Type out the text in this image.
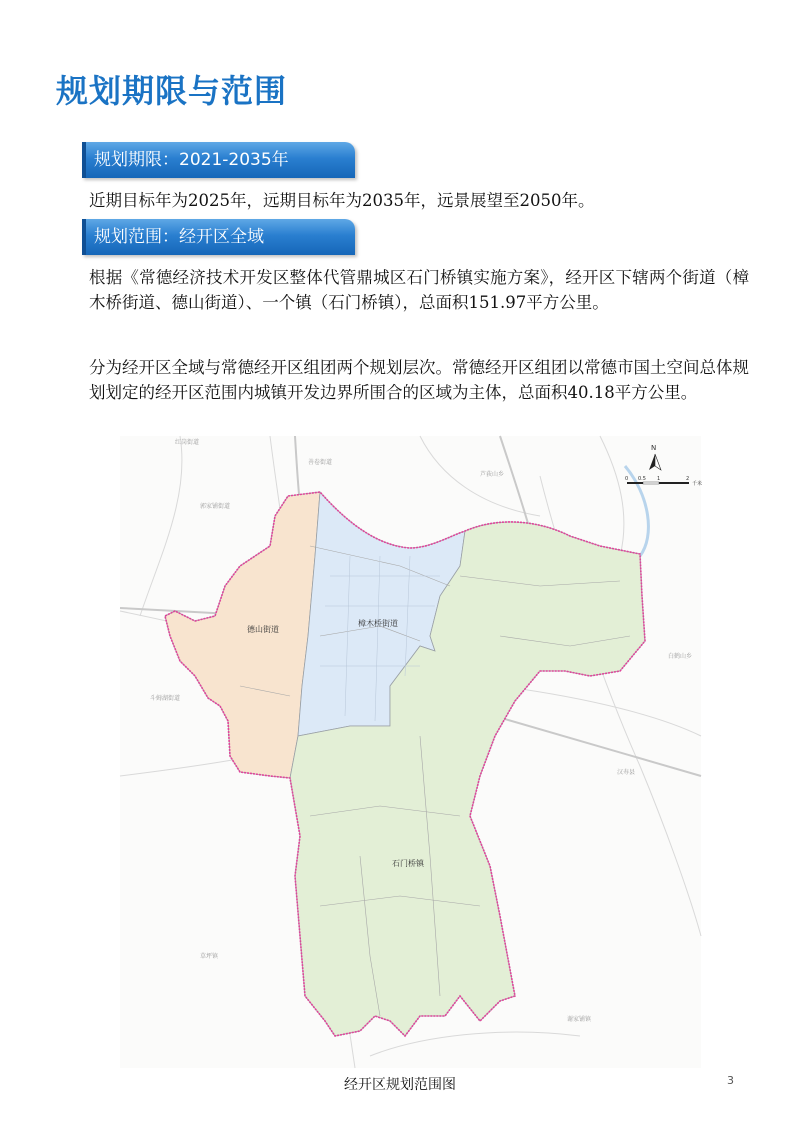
规划期限与范围
规划期限：2021-2035年

近期目标年为2025年，远期目标年为2035年，远景展望至2050年。

规划范围：经开区全域

根据《常德经济技术开发区整体代管鼎城区石门桥镇实施方案》，经开区下辖两个街道（樟木桥街道、德山街道）、一个镇（石门桥镇），总面积151.97平方公里。

分为经开区全域与常德经开区组团两个规划层次。常德经开区组团以常德市国土空间总体规划划定的经开区范围内城镇开发边界所围合的区域为主体，总面积40.18平方公里。

德山街道
樟木桥街道
石门桥镇
红岗街道
善卷街道
郭家铺街道
斗姆湖街道
芦荻山乡
汉寿县
谢家铺镇
草坪镇
白鹤山乡
N
0 0.5 1	2
千米

经开区规划范围图	3
